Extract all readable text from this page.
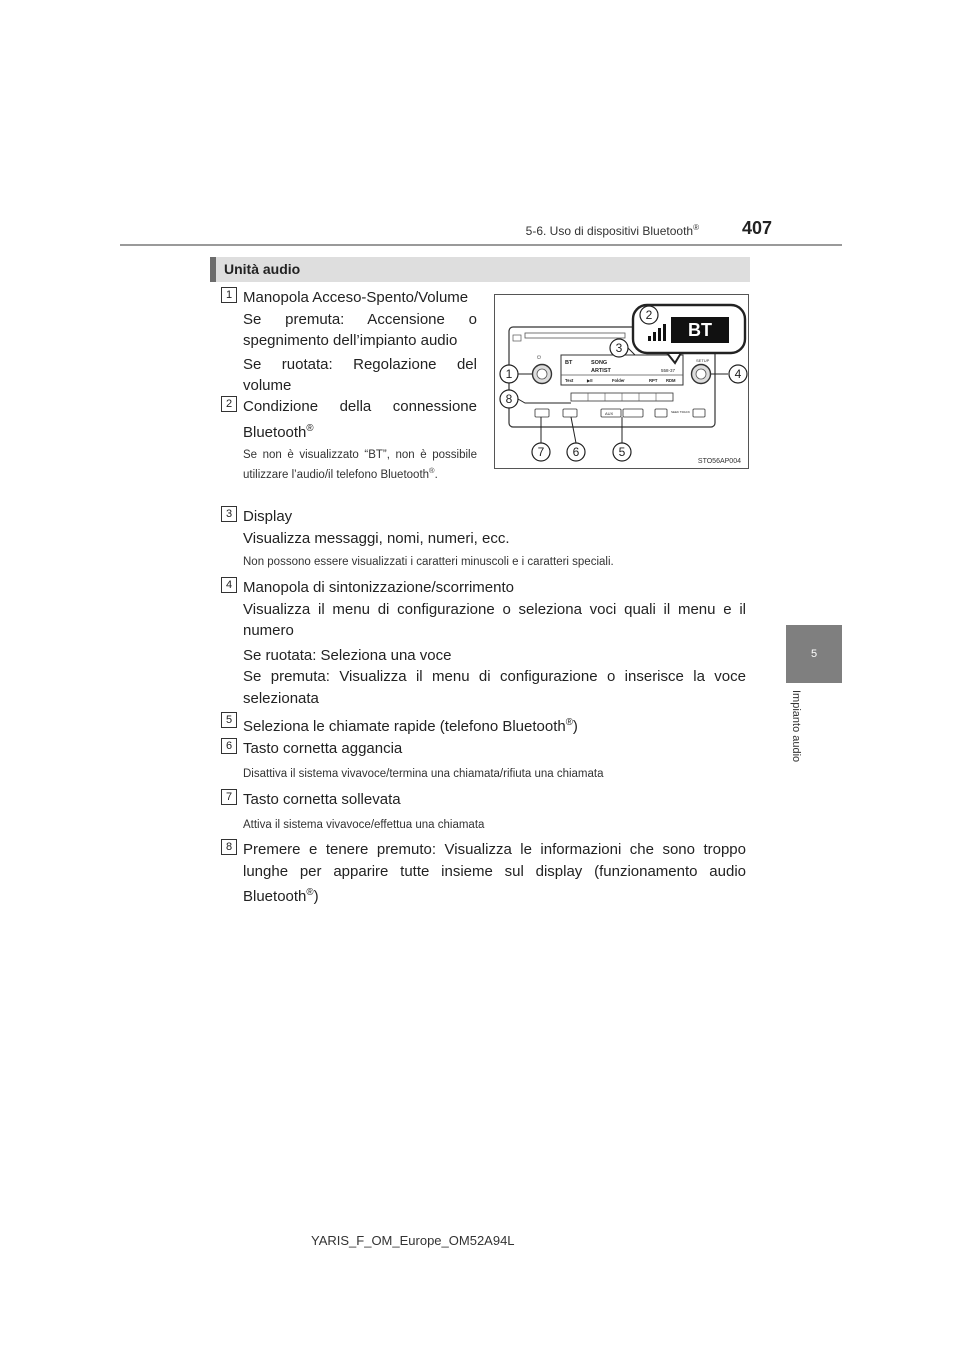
5-6. Uso di dispositivi Bluetooth® 407
5
Impianto audio
Unità audio
1 Manopola Acceso-Spento/Volume
Se premuta: Accensione o spegnimento dell’impianto audio
Se ruotata: Regolazione del volume
2 Condizione della connessione Bluetooth®
Se non è visualizzato “BT”, non è possibile utilizzare l’audio/il telefono Bluetooth®.
⏻	SETUP
BT	SONG
ARTIST	558-37
Text	▶II	Folder	RPT RDM
AUX	SEEK TRACK
BT
1
2
3
4
5
6
7
8
STO56AP004
3 Display
Visualizza messaggi, nomi, numeri, ecc.
Non possono essere visualizzati i caratteri minuscoli e i caratteri speciali.
4 Manopola di sintonizzazione/scorrimento
Visualizza il menu di configurazione o seleziona voci quali il menu e il numero
Se ruotata: Seleziona una voce
Se premuta: Visualizza il menu di configurazione o inserisce la voce selezionata
5 Seleziona le chiamate rapide (telefono Bluetooth®)
6 Tasto cornetta aggancia
Disattiva il sistema vivavoce/termina una chiamata/rifiuta una chiamata
7 Tasto cornetta sollevata
Attiva il sistema vivavoce/effettua una chiamata
8 Premere e tenere premuto: Visualizza le informazioni che sono troppo lunghe per apparire tutte insieme sul display (funzionamento audio Bluetooth®)
YARIS_F_OM_Europe_OM52A94L
